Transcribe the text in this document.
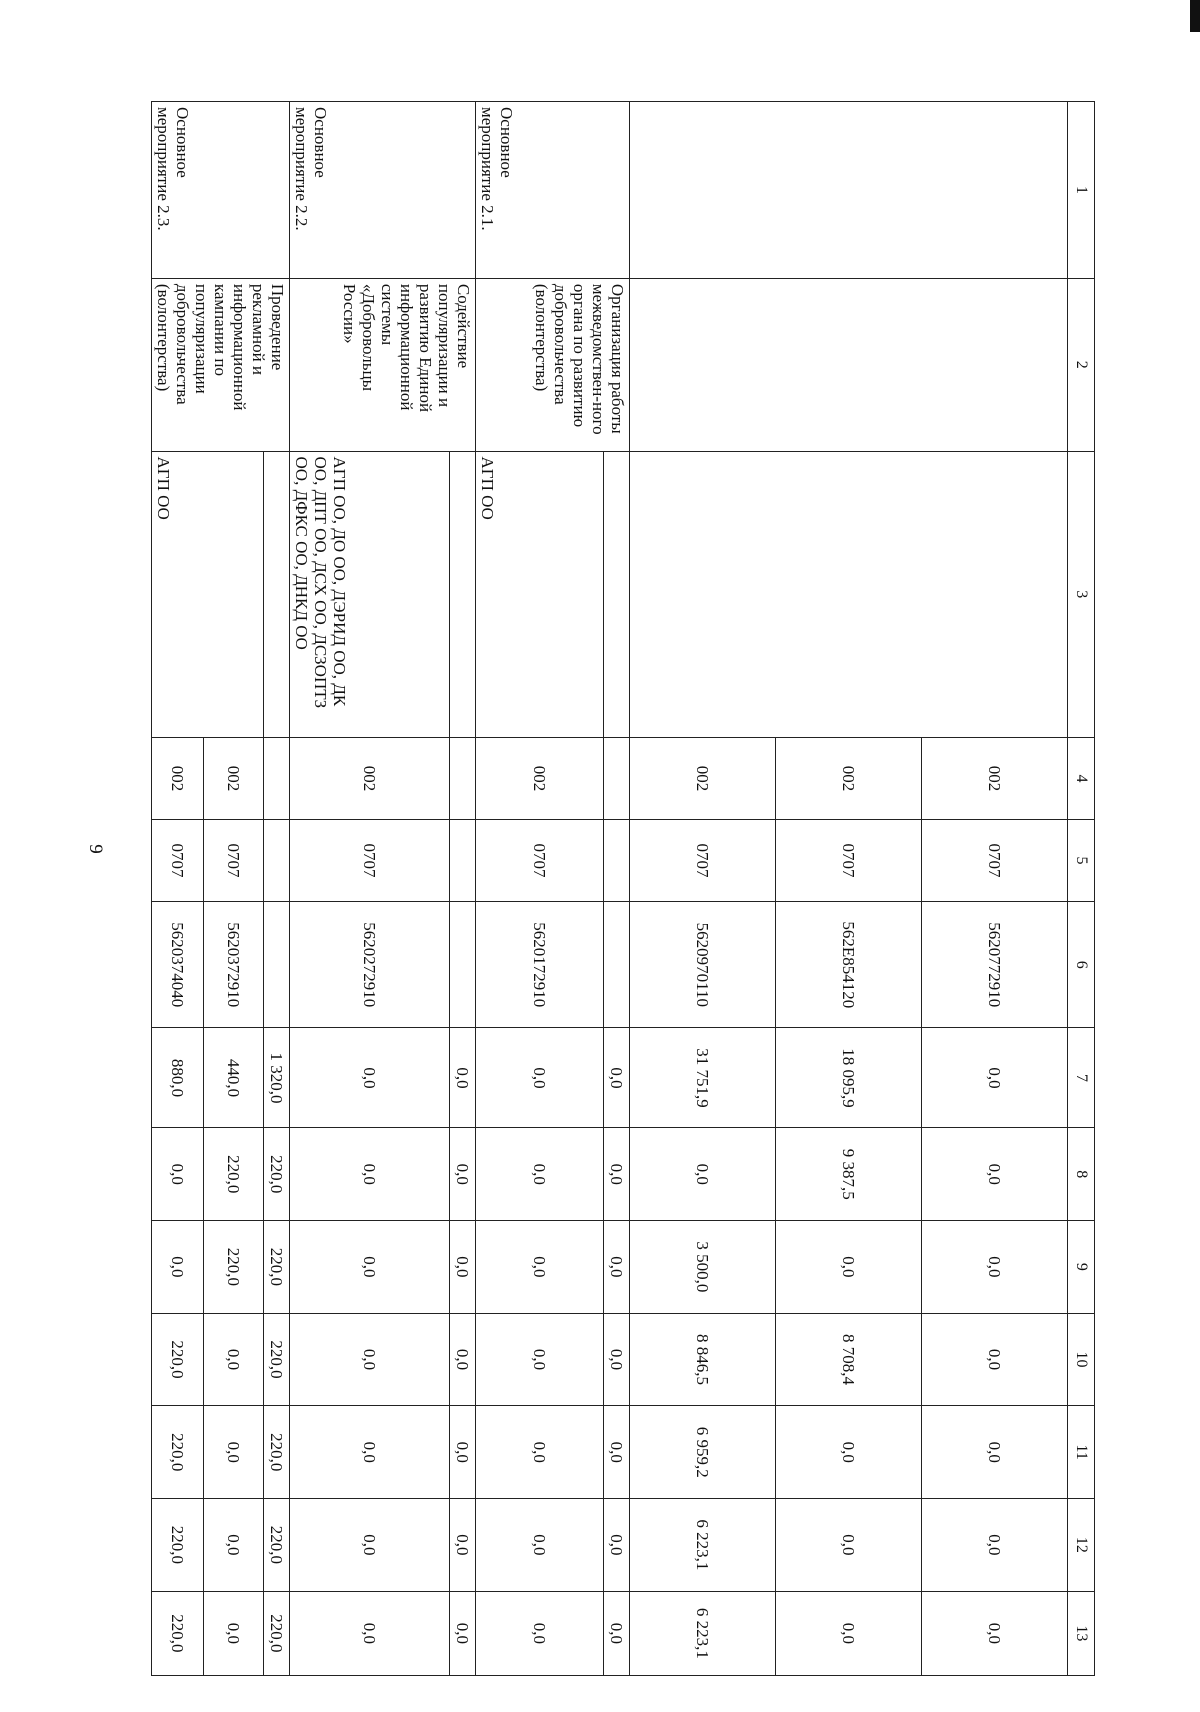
9
1	2	3	4	5	6	7	8	9	10	11	12	13
			002	0707	5620772910	0,0	0,0	0,0	0,0	0,0	0,0	0,0
			002	0707	562E854120	18 095,9	9 387,5	0,0	8 708,4	0,0	0,0	0,0
			002	0707	5620970110	31 751,9	0,0	3 500,0	8 846,5	6 959,2	6 223,1	6 223,1
Основное мероприятие 2.1.	Организация работы межведомствен-ного органа по развитию добровольчества (волонтерства)					0,0	0,0	0,0	0,0	0,0	0,0	0,0
		АГП ОО	002	0707	5620172910	0,0	0,0	0,0	0,0	0,0	0,0	0,0
Основное мероприятие 2.2.	Содействие популяризации и развитию Единой информационной системы «Добровольцы России»					0,0	0,0	0,0	0,0	0,0	0,0	0,0
		АГП ОО, ДО ОО, ДЭРИД ОО, ДК ОО, ДПТ ОО, ДСХ ОО, ДСЗОПТЗ ОО, ДФКС ОО, ДНКД ОО	002	0707	5620272910	0,0	0,0	0,0	0,0	0,0	0,0	0,0
Основное мероприятие 2.3.	Проведение рекламной и информационной кампании по популяризации добровольчества (волонтерства)					1 320,0	220,0	220,0	220,0	220,0	220,0	220,0
		АГП ОО	002	0707	5620372910	440,0	220,0	220,0	0,0	0,0	0,0	0,0
			002	0707	5620374040	880,0	0,0	0,0	220,0	220,0	220,0	220,0
